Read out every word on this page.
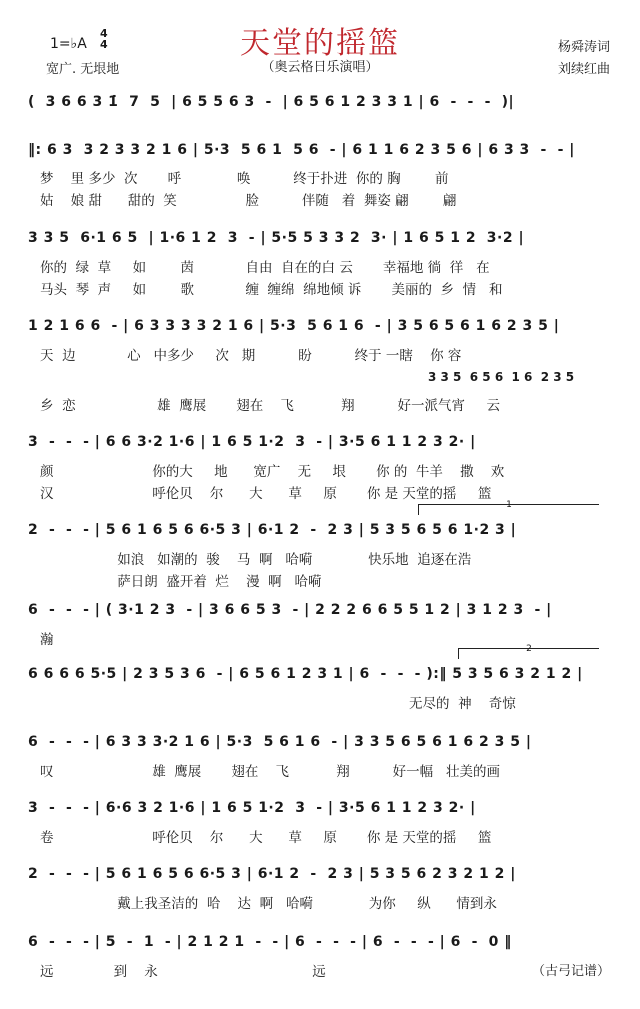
天堂的摇篮
（奥云格日乐演唱）
1=♭A
4
4
宽广. 无垠地
杨舜涛词
刘续红曲
(  3 6 6 3 1̇  7  5  | 6 5 5 6 3  -  | 6 5 6 1 2 3 3 1 | 6  -  -  -  )|
‖: 6 3  3 2 3 3 2 1 6 | 5·3  5 6 1  5 6  - | 6 1 1 6 2 3 5 6 | 6 3 3  -  - |
梦    里 多少  次       呼             唤          终于扑进  你的 胸        前
姑    娘 甜      甜的  笑                脸          伴随   着  舞姿 翩        翩
3 3 5  6·1 6 5  | 1·6 1 2  3  - | 5·5 5 3 3 2  3· | 1 6 5 1 2  3·2 |
你的  绿  草     如        茵            自由  自在的白 云       幸福地 徜  徉   在
马头  琴  声     如        歌            缠  缠绵  绵地倾 诉       美丽的  乡  情   和
1 2 1 6 6  - | 6 3 3 3 3 2 1 6 | 5·3  5 6 1 6  - | 3 5 6 5 6 1 6 2 3 5 |
天  边            心   中多少     次   期          盼          终于 一瞎    你 容
3 3 5  6 5 6  1 6  2 3 5
乡  恋                   雄  鹰展       翅在    飞           翔          好一派气宵     云
3  -  -  - | 6 6 3·2 1·6 | 1 6 5 1·2  3  - | 3·5 6 1 1 2 3 2· |
颜                       你的大     地      宽广    无     垠       你 的  牛羊    撒    欢
汉                       呼伦贝    尔      大      草     原       你 是 天堂的摇     篮
1
2  -  -  - | 5 6 1 6 5 6 6·5 3 | 6·1 2  -  2 3 | 5 3 5 6 5 6 1·2 3 |
如浪   如潮的  骏    马  啊   哈嗬             快乐地  追逐在浩
萨日朗  盛开着  烂    漫  啊   哈嗬
6  -  -  - | ( 3·1 2 3  - | 3 6 6 5 3  - | 2 2 2 6 6 5 5 1 2 | 3 1 2 3  - |
瀚
2
6 6 6 6 5·5 | 2 3 5 3 6  - | 6 5 6 1 2 3 1 | 6  -  -  - ):‖ 5 3 5 6 3 2 1 2 |
无尽的  神    奇惊
6  -  -  - | 6 3 3 3·2 1 6 | 5·3  5 6 1 6  - | 3 3 5 6 5 6 1 6 2 3 5 |
叹                       雄  鹰展       翅在    飞           翔          好一幅   壮美的画
3  -  -  - | 6·6 3 2 1·6 | 1 6 5 1·2  3  - | 3·5 6 1 1 2 3 2· |
卷                       呼伦贝    尔      大      草     原       你 是 天堂的摇     篮
2  -  -  - | 5 6 1 6 5 6 6·5 3 | 6·1 2  -  2 3 | 5 3 5 6 2 3 2 1 2 |
戴上我圣洁的  哈    达  啊   哈嗬             为你     纵      情到永
6  -  -  - | 5  -  1  - | 2 1 2 1  -  - | 6  -  -  - | 6  -  -  - | 6  -  0 ‖
远              到    永                                    远	（古弓记谱）
